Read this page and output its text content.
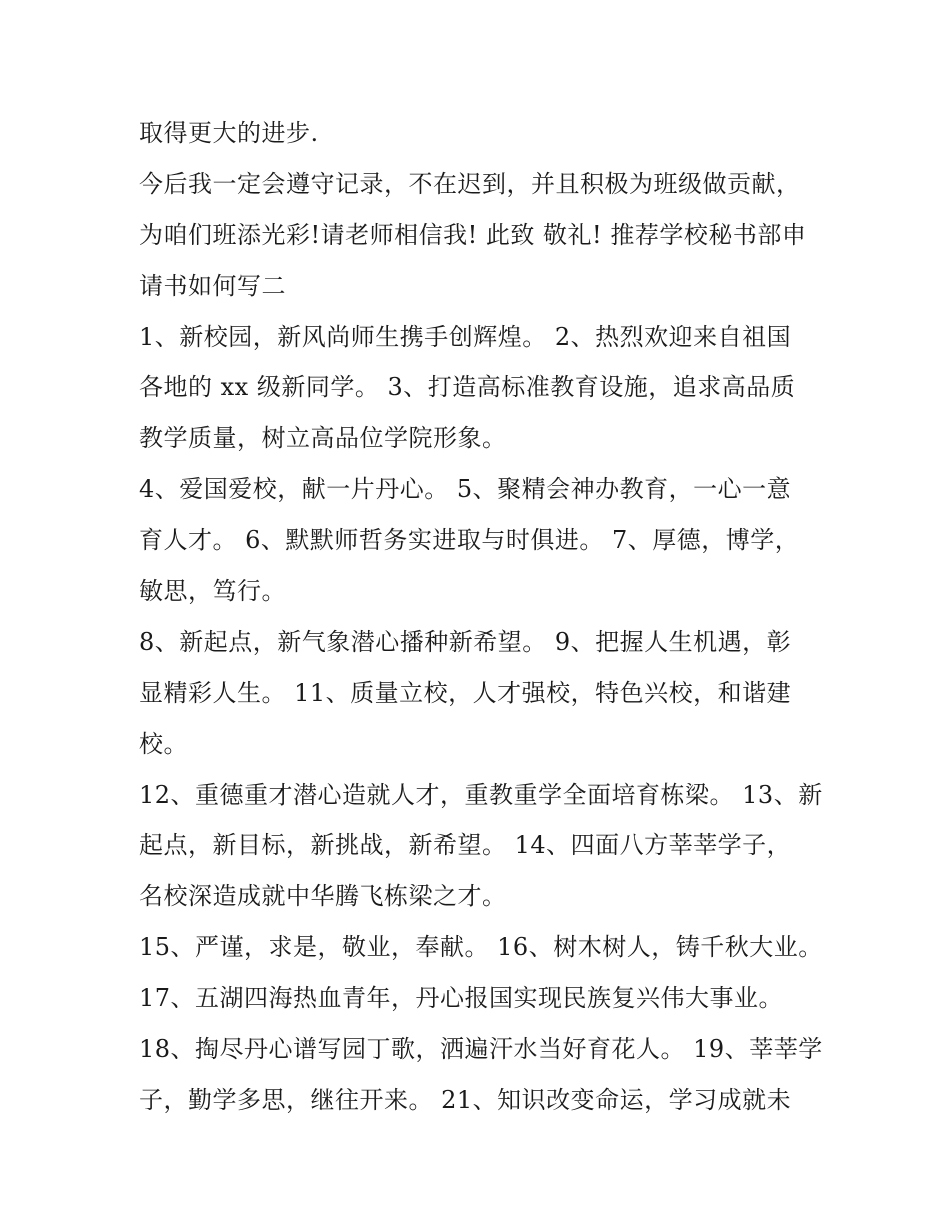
取得更大的进步.
今后我一定会遵守记录，不在迟到，并且积极为班级做贡献，
为咱们班添光彩!请老师相信我! 此致 敬礼! 推荐学校秘书部申
请书如何写二
1、新校园，新风尚师生携手创辉煌。 2、热烈欢迎来自祖国
各地的 xx 级新同学。 3、打造高标准教育设施，追求高品质
教学质量，树立高品位学院形象。
4、爱国爱校，献一片丹心。 5、聚精会神办教育，一心一意
育人才。 6、默默师哲务实进取与时俱进。 7、厚德，博学，
敏思，笃行。
8、新起点，新气象潜心播种新希望。 9、把握人生机遇，彰
显精彩人生。 11、质量立校，人才强校，特色兴校，和谐建
校。
12、重德重才潜心造就人才，重教重学全面培育栋梁。 13、新
起点，新目标，新挑战，新希望。 14、四面八方莘莘学子，
名校深造成就中华腾飞栋梁之才。
15、严谨，求是，敬业，奉献。 16、树木树人，铸千秋大业。
17、五湖四海热血青年，丹心报国实现民族复兴伟大事业。
18、掏尽丹心谱写园丁歌，洒遍汗水当好育花人。 19、莘莘学
子，勤学多思，继往开来。 21、知识改变命运，学习成就未
